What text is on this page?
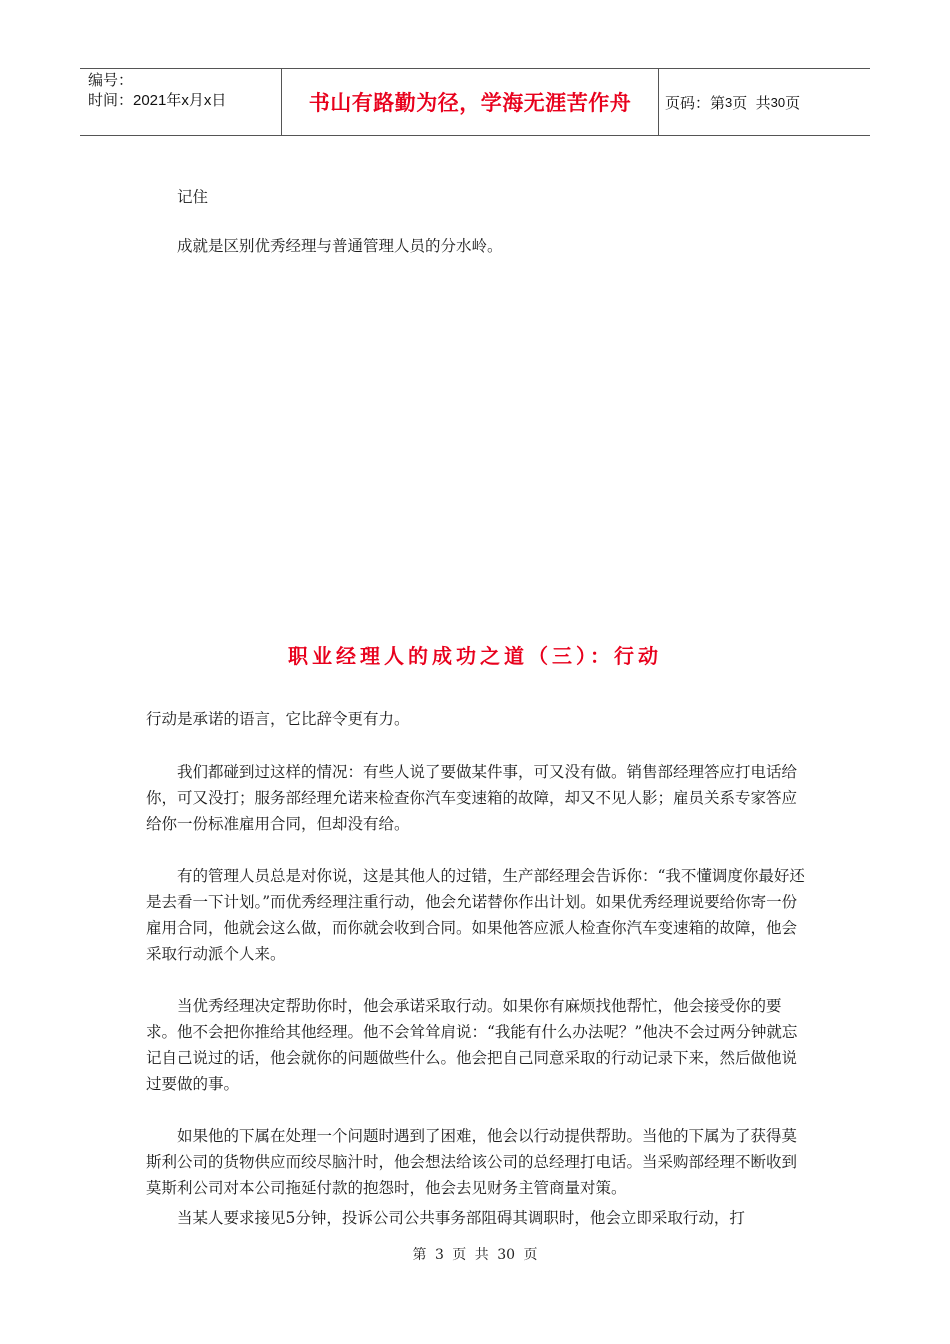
编号：
时间：2021年x月x日	书山有路勤为径，学海无涯苦作舟	页码：第 3 页  共 30 页
记住
成就是区别优秀经理与普通管理人员的分水岭。
职业经理人的成功之道（三）：行动
行动是承诺的语言，它比辞令更有力。
我们都碰到过这样的情况：有些人说了要做某件事，可又没有做。销售部经理答应打电话给你，可又没打；服务部经理允诺来检查你汽车变速箱的故障，却又不见人影；雇员关系专家答应给你一份标准雇用合同，但却没有给。
有的管理人员总是对你说，这是其他人的过错，生产部经理会告诉你：“我不懂调度你最好还是去看一下计划。”而优秀经理注重行动，他会允诺替你作出计划。如果优秀经理说要给你寄一份雇用合同，他就会这么做，而你就会收到合同。如果他答应派人检查你汽车变速箱的故障，他会采取行动派个人来。
当优秀经理决定帮助你时，他会承诺采取行动。如果你有麻烦找他帮忙，他会接受你的要求。他不会把你推给其他经理。他不会耸耸肩说：“我能有什么办法呢？”他决不会过两分钟就忘记自己说过的话，他会就你的问题做些什么。他会把自己同意采取的行动记录下来，然后做他说过要做的事。
如果他的下属在处理一个问题时遇到了困难，他会以行动提供帮助。当他的下属为了获得莫斯利公司的货物供应而绞尽脑汁时，他会想法给该公司的总经理打电话。当采购部经理不断收到莫斯利公司对本公司拖延付款的抱怨时，他会去见财务主管商量对策。
当某人要求接见5分钟，投诉公司公共事务部阻碍其调职时，他会立即采取行动，打
第 3 页 共 30 页
